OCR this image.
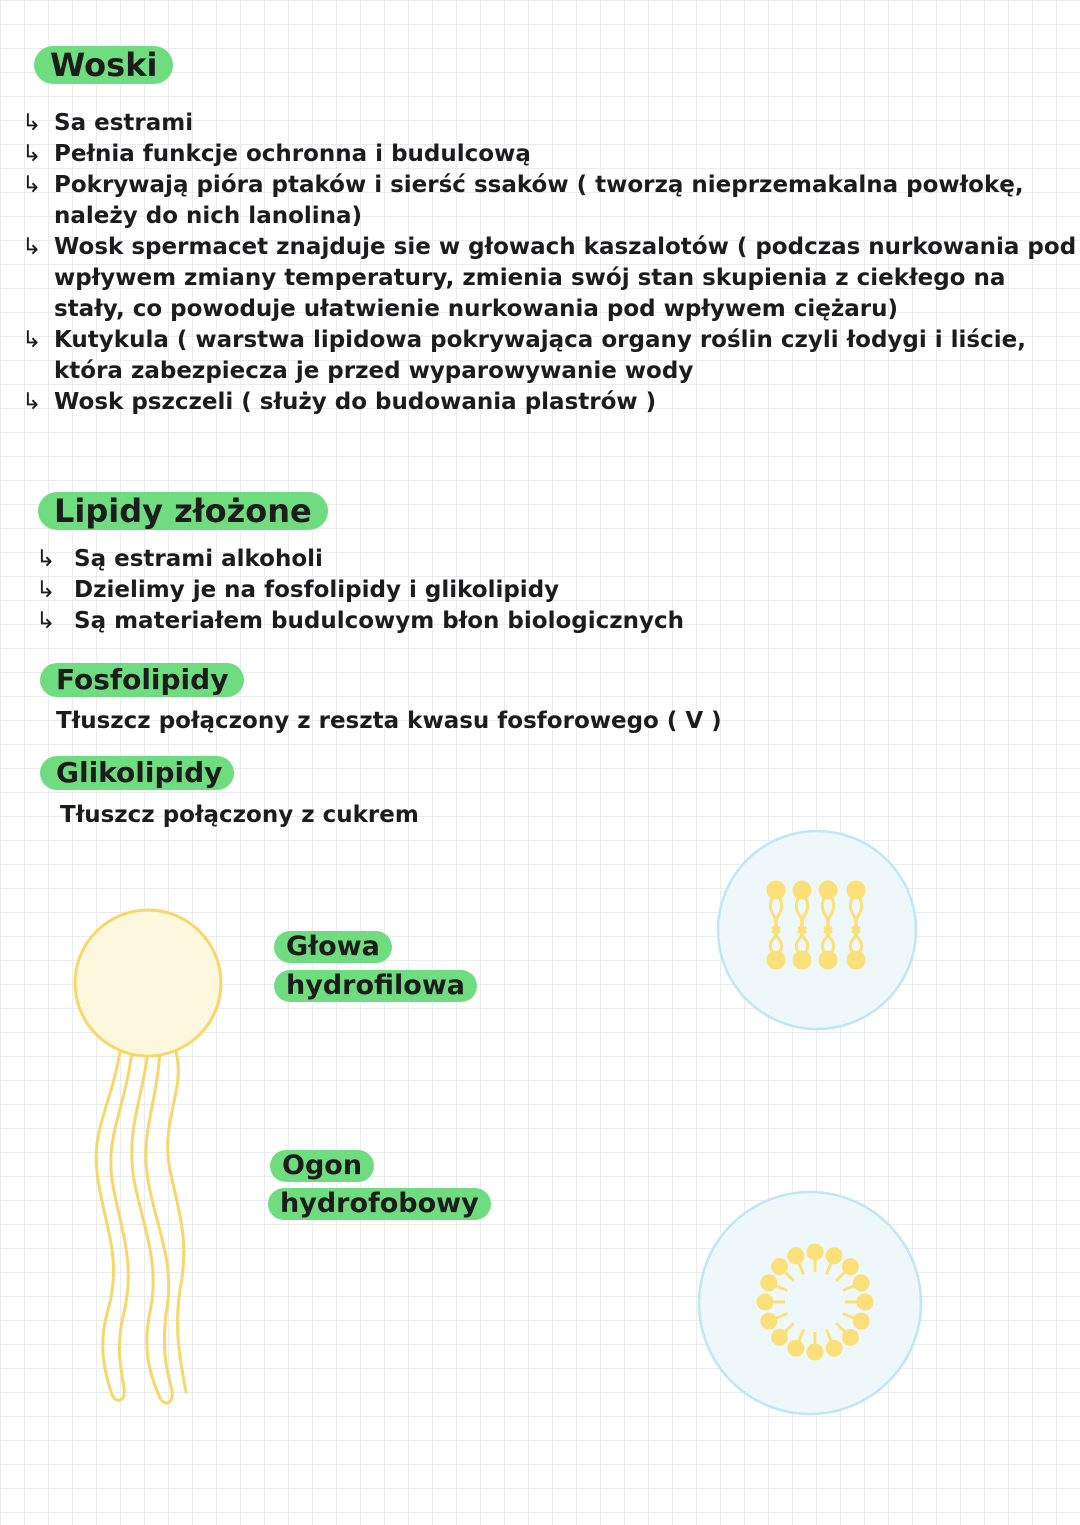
Woski
↳ Sa estrami
↳ Pełnia funkcje ochronna i budulcową
↳ Pokrywają pióra ptaków i sierść ssaków ( tworzą nieprzemakalna powłokę,
należy do nich lanolina)
↳ Wosk spermacet znajduje sie w głowach kaszalotów ( podczas nurkowania pod
wpływem zmiany temperatury, zmienia swój stan skupienia z ciekłego na
stały, co powoduje ułatwienie nurkowania pod wpływem ciężaru)
↳ Kutykula ( warstwa lipidowa pokrywająca organy roślin czyli łodygi i liście,
która zabezpiecza je przed wyparowywanie wody
↳ Wosk pszczeli ( służy do budowania plastrów )
Lipidy złożone
↳ Są estrami alkoholi
↳ Dzielimy je na fosfolipidy i glikolipidy
↳ Są materiałem budulcowym błon biologicznych
Fosfolipidy
Tłuszcz połączony z reszta kwasu fosforowego ( V )
Glikolipidy
Tłuszcz połączony z cukrem
Głowa
hydrofilowa
Ogon
hydrofobowy
